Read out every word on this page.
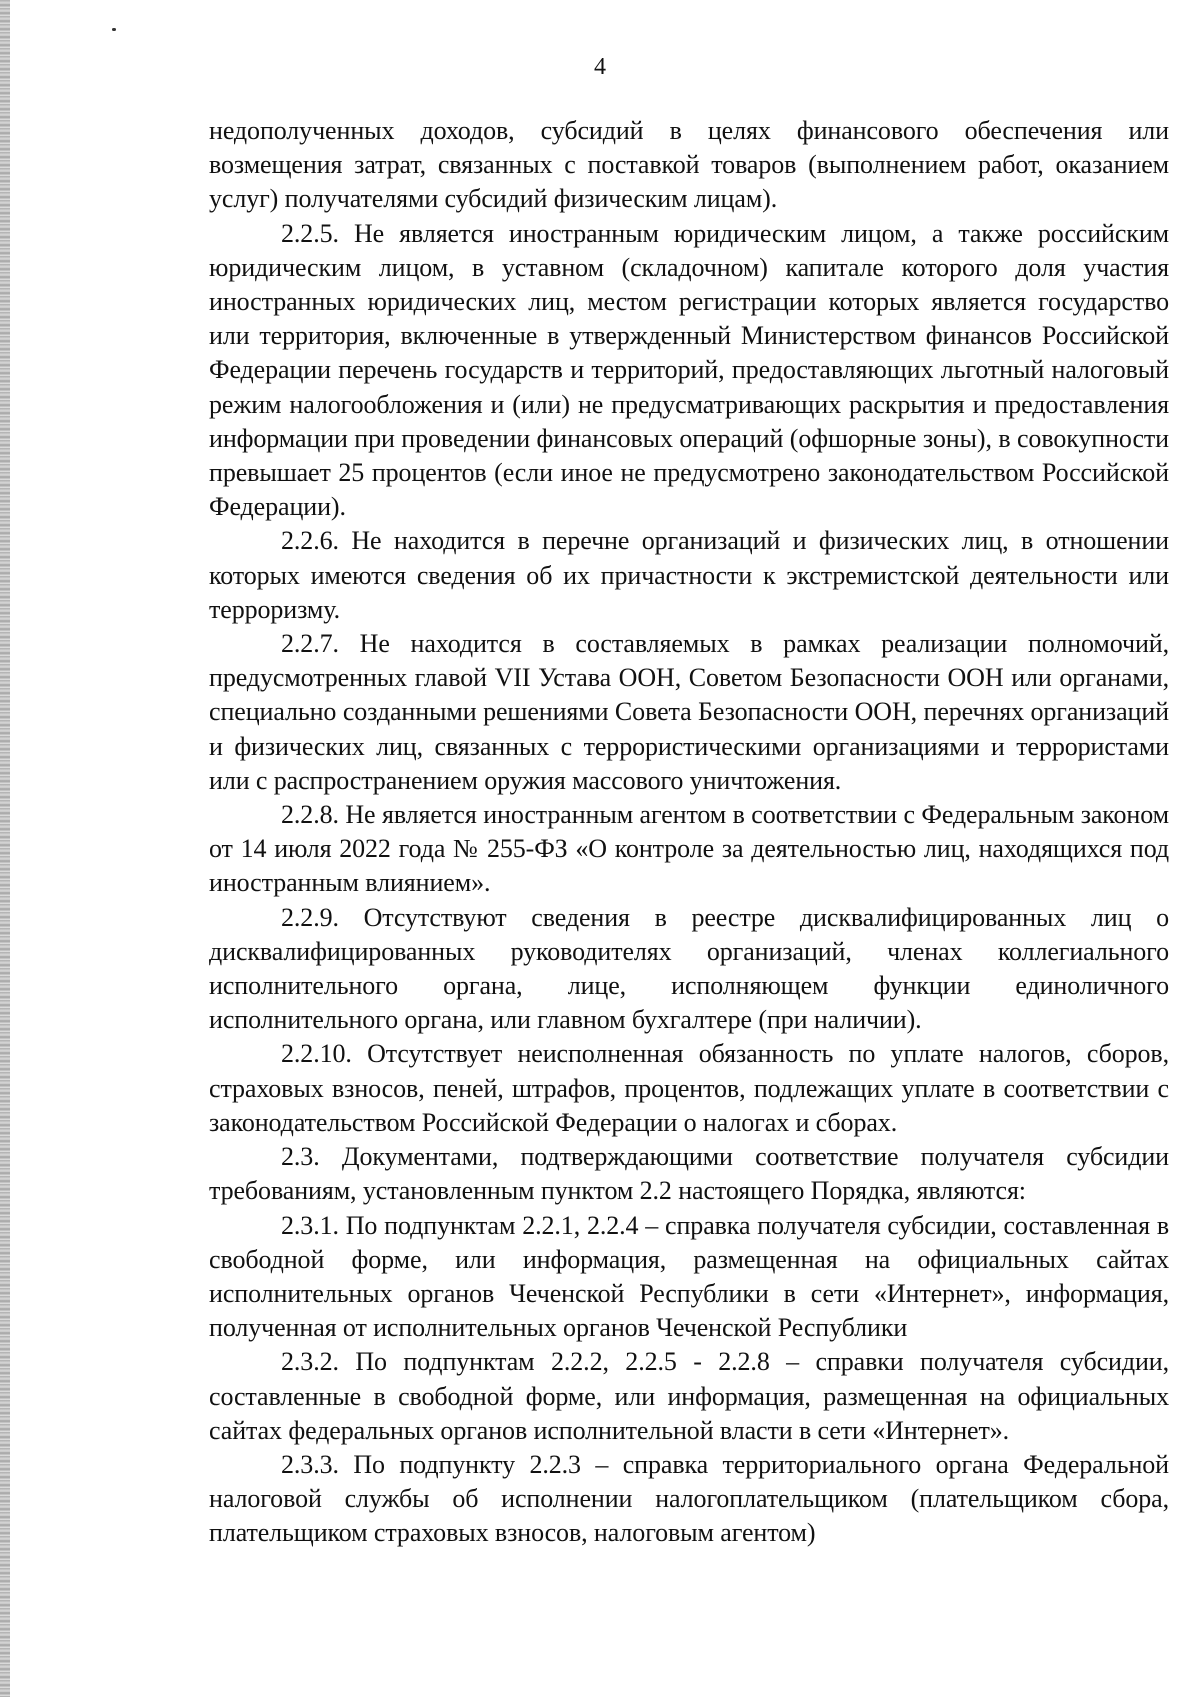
4

недополученных доходов, субсидий в целях финансового обеспечения или возмещения затрат, связанных с поставкой товаров (выполнением работ, оказанием услуг) получателями субсидий физическим лицам).

2.2.5. Не является иностранным юридическим лицом, а также российским юридическим лицом, в уставном (складочном) капитале которого доля участия иностранных юридических лиц, местом регистрации которых является государство или территория, включенные в утвержденный Министерством финансов Российской Федерации перечень государств и территорий, предоставляющих льготный налоговый режим налогообложения и (или) не предусматривающих раскрытия и предоставления информации при проведении финансовых операций (офшорные зоны), в совокупности превышает 25 процентов (если иное не предусмотрено законодательством Российской Федерации).

2.2.6. Не находится в перечне организаций и физических лиц, в отношении которых имеются сведения об их причастности к экстремистской деятельности или терроризму.

2.2.7. Не находится в составляемых в рамках реализации полномочий, предусмотренных главой VII Устава ООН, Советом Безопасности ООН или органами, специально созданными решениями Совета Безопасности ООН, перечнях организаций и физических лиц, связанных с террористическими организациями и террористами или с распространением оружия массового уничтожения.

2.2.8. Не является иностранным агентом в соответствии с Федеральным законом от 14 июля 2022 года № 255-ФЗ «О контроле за деятельностью лиц, находящихся под иностранным влиянием».

2.2.9. Отсутствуют сведения в реестре дисквалифицированных лиц о дисквалифицированных руководителях организаций, членах коллегиального исполнительного органа, лице, исполняющем функции единоличного исполнительного органа, или главном бухгалтере (при наличии).

2.2.10. Отсутствует неисполненная обязанность по уплате налогов, сборов, страховых взносов, пеней, штрафов, процентов, подлежащих уплате в соответствии с законодательством Российской Федерации о налогах и сборах.

2.3. Документами, подтверждающими соответствие получателя субсидии требованиям, установленным пунктом 2.2 настоящего Порядка, являются:

2.3.1. По подпунктам 2.2.1, 2.2.4 – справка получателя субсидии, составленная в свободной форме, или информация, размещенная на официальных сайтах исполнительных органов Чеченской Республики в сети «Интернет», информация, полученная от исполнительных органов Чеченской Республики

2.3.2. По подпунктам 2.2.2, 2.2.5 - 2.2.8 – справки получателя субсидии, составленные в свободной форме, или информация, размещенная на официальных сайтах федеральных органов исполнительной власти в сети «Интернет».

2.3.3. По подпункту 2.2.3 – справка территориального органа Федеральной налоговой службы об исполнении налогоплательщиком (плательщиком сбора, плательщиком страховых взносов, налоговым агентом)
